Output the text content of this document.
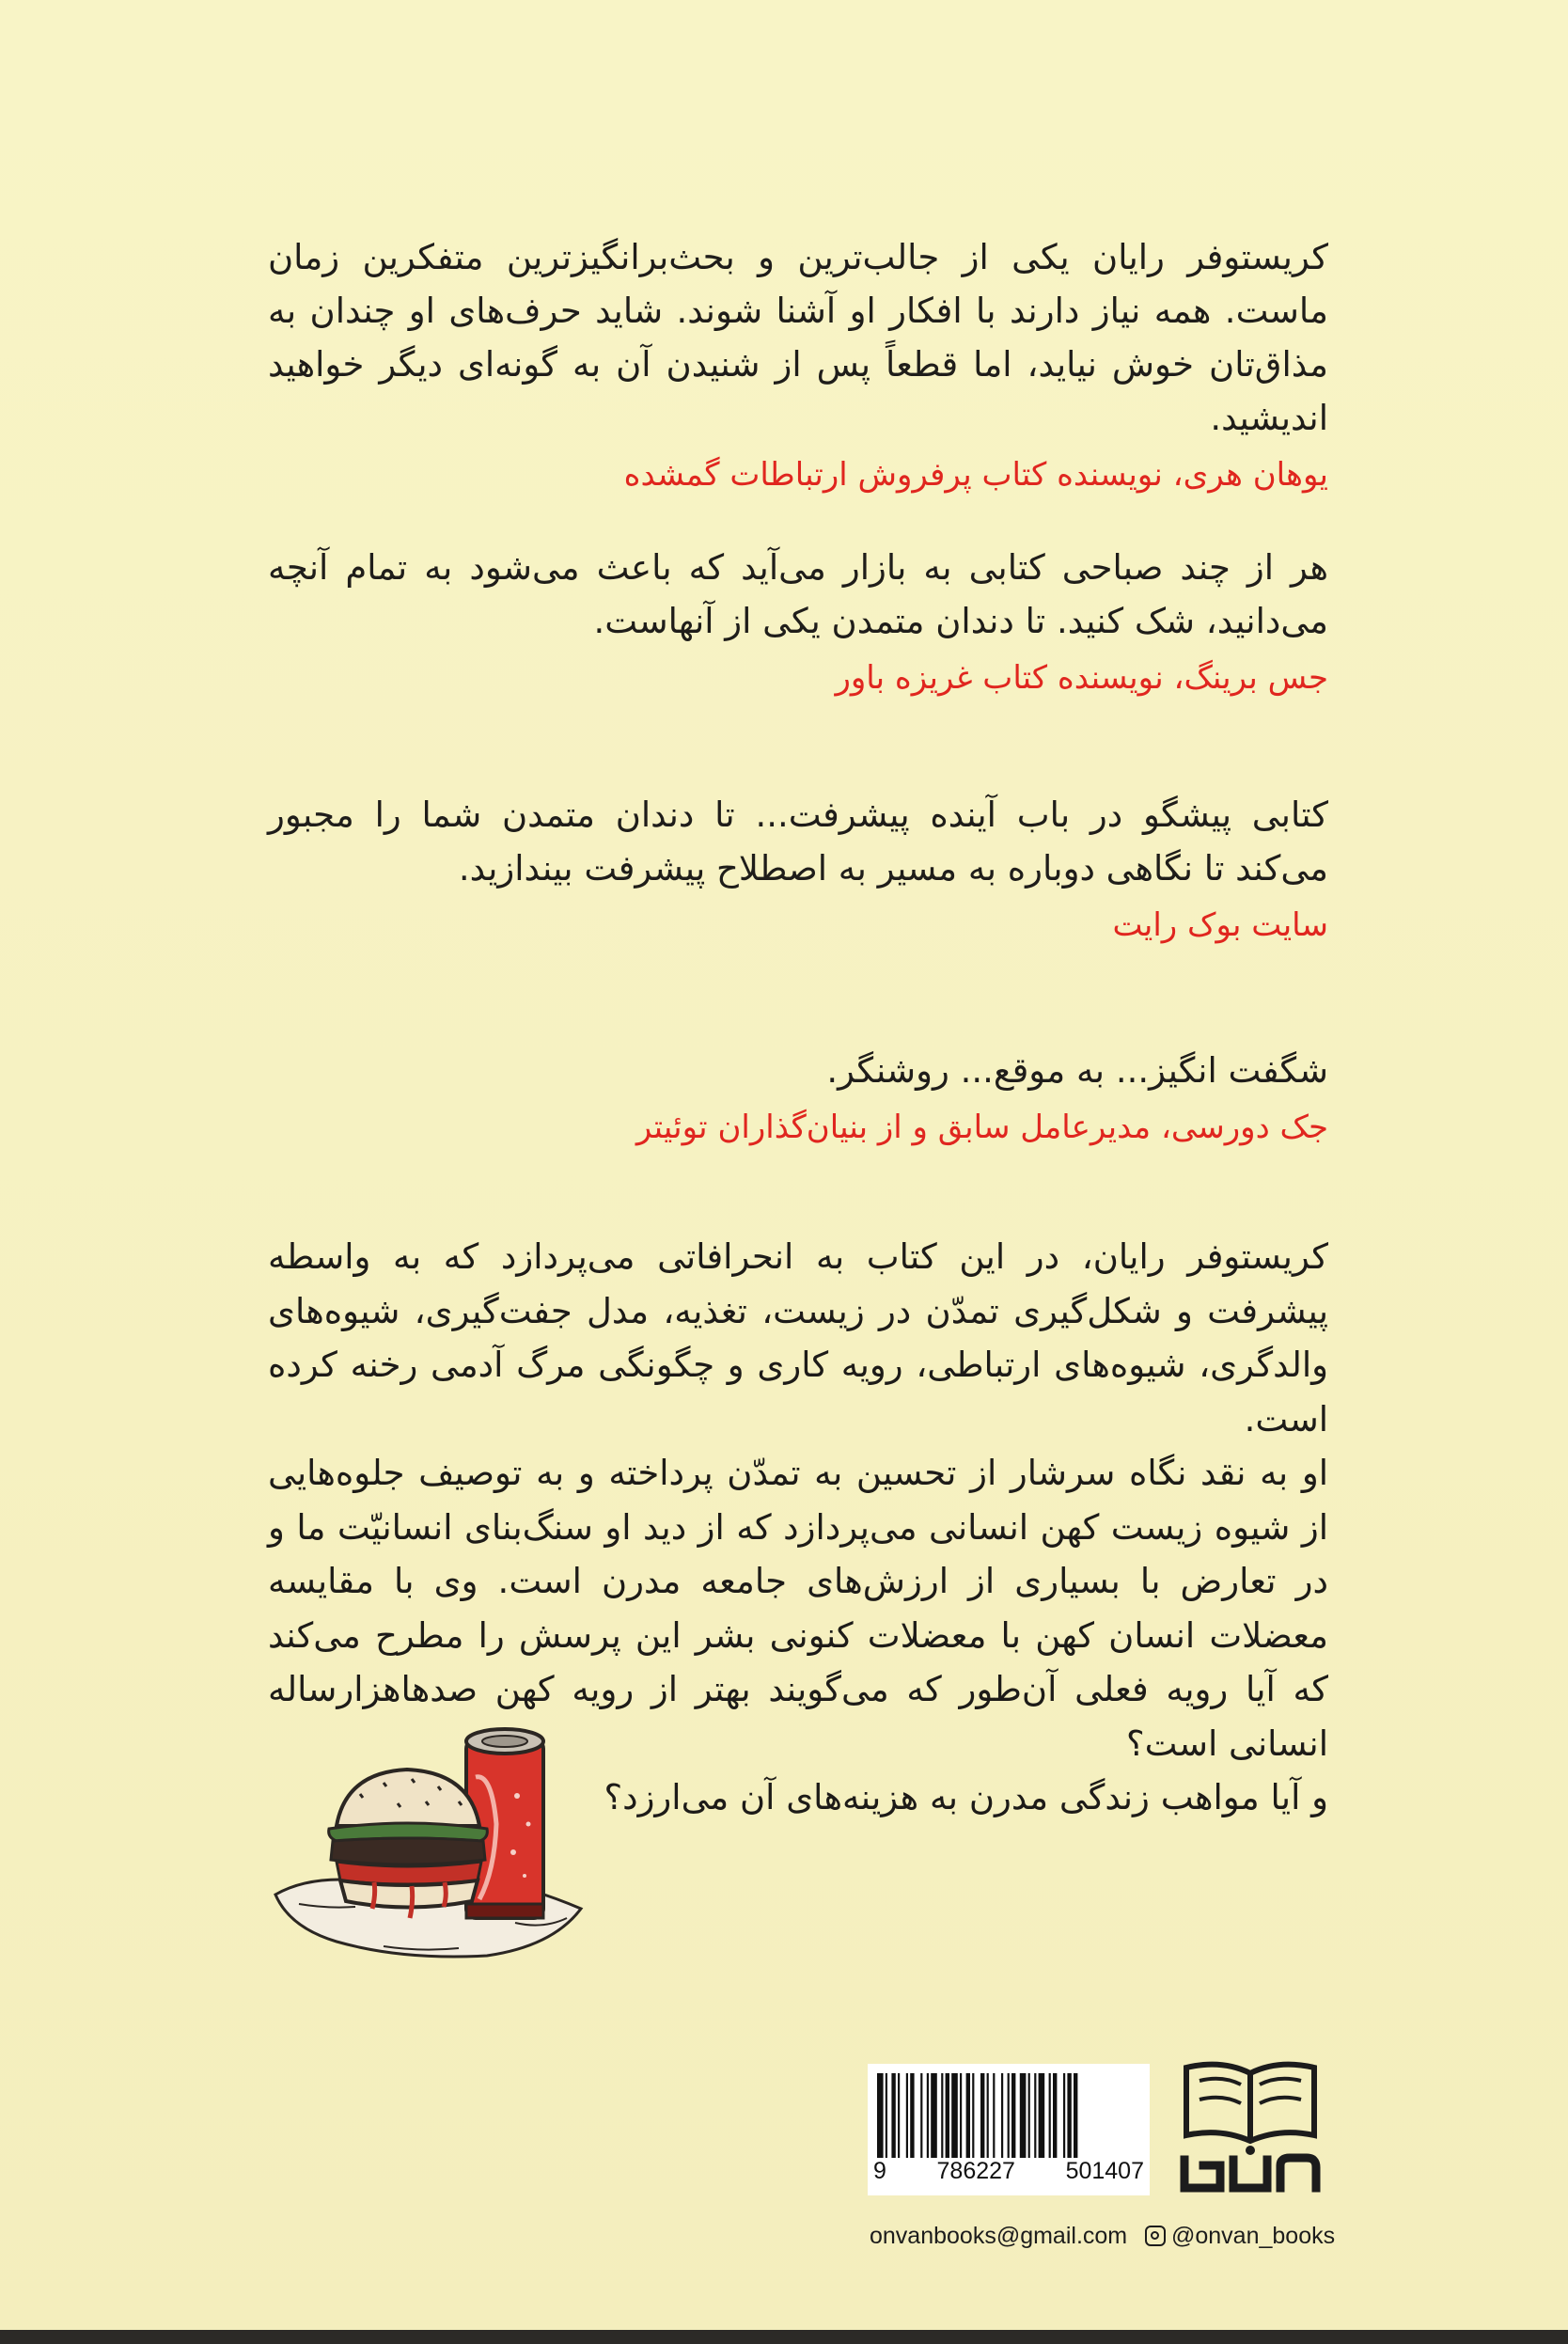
کریستوفر رایان یکی از جالب‌ترین و بحث‌برانگیزترین متفکرین زمان ماست. همه نیاز دارند با افکار او آشنا شوند. شاید حرف‌های او چندان به مذاق‌تان خوش نیاید، اما قطعاً پس از شنیدن آن به گونه‌ای دیگر خواهید اندیشید.

یوهان هری، نویسنده کتاب پرفروش ارتباطات گمشده

هر از چند صباحی کتابی به بازار می‌آید که باعث می‌شود به تمام آنچه می‌دانید، شک کنید. تا دندان متمدن یکی از آنهاست.

جس برینگ، نویسنده کتاب غریزه باور

کتابی پیشگو در باب آینده پیشرفت... تا دندان متمدن شما را مجبور می‌کند تا نگاهی دوباره به مسیر به اصطلاح پیشرفت بیندازید.

سایت بوک رایت

شگفت انگیز... به موقع... روشنگر.

جک دورسی، مدیرعامل سابق و از بنیان‌گذاران توئیتر

کریستوفر رایان، در این کتاب به انحرافاتی می‌پردازد که به واسطه پیشرفت و شکل‌گیری تمدّن در زیست، تغذیه، مدل جفت‌گیری، شیوه‌های والدگری، شیوه‌های ارتباطی، رویه کاری و چگونگی مرگ آدمی رخنه کرده است.

او به نقد نگاه سرشار از تحسین به تمدّن پرداخته و به توصیف جلوه‌هایی از شیوه زیست کهن انسانی می‌پردازد که از دید او سنگ‌بنای انسانیّت ما و در تعارض با بسیاری از ارزش‌های جامعه مدرن است. وی با مقایسه معضلات انسان کهن با معضلات کنونی بشر این پرسش را مطرح می‌کند که آیا رویه فعلی آن‌طور که می‌گویند بهتر از رویه کهن صدهاهزارساله انسانی است؟

و آیا مواهب زندگی مدرن به هزینه‌های آن می‌ارزد؟

9 786227 501407
onvanbooks@gmail.com @onvan_books
